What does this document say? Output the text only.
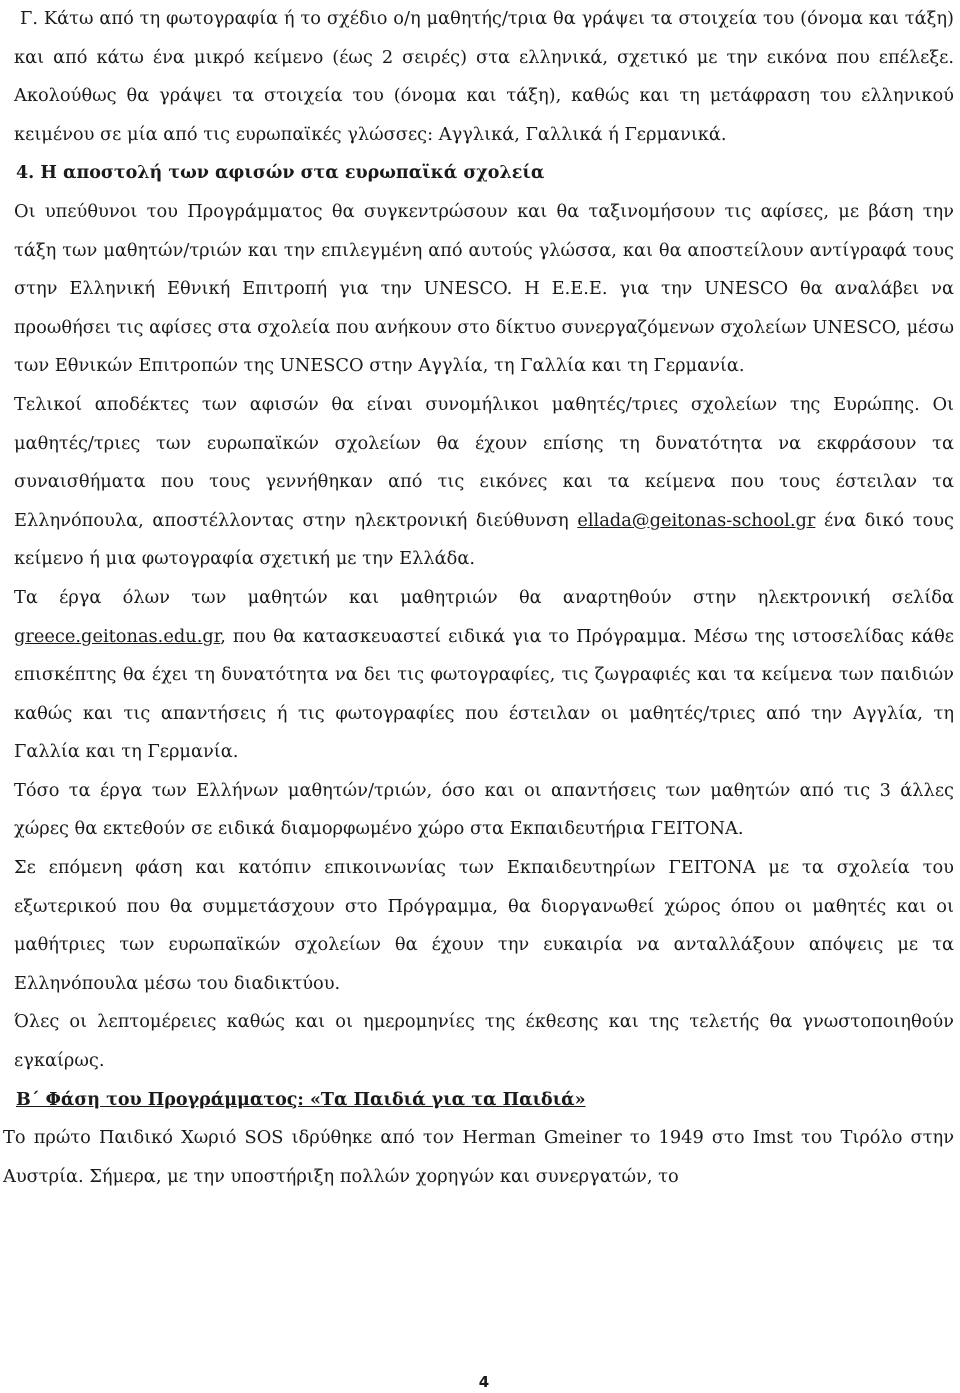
Γ. Κάτω από τη φωτογραφία ή το σχέδιο ο/η μαθητής/τρια θα γράψει τα στοιχεία του (όνομα και τάξη) και από κάτω ένα μικρό κείμενο (έως 2 σειρές) στα ελληνικά, σχετικό με την εικόνα που επέλεξε. Ακολούθως θα γράψει τα στοιχεία του (όνομα και τάξη), καθώς και τη μετάφραση του ελληνικού κειμένου σε μία από τις ευρωπαϊκές γλώσσες: Αγγλικά, Γαλλικά ή Γερμανικά.

4. Η αποστολή των αφισών στα ευρωπαϊκά σχολεία

Οι υπεύθυνοι του Προγράμματος θα συγκεντρώσουν και θα ταξινομήσουν τις αφίσες, με βάση την τάξη των μαθητών/τριών και την επιλεγμένη από αυτούς γλώσσα, και θα αποστείλουν αντίγραφά τους στην Ελληνική Εθνική Επιτροπή για την UNESCO. Η Ε.Ε.Ε. για την UNESCO θα αναλάβει να προωθήσει τις αφίσες στα σχολεία που ανήκουν στο δίκτυο συνεργαζόμενων σχολείων UNESCO, μέσω των Εθνικών Επιτροπών της UNESCO στην Αγγλία, τη Γαλλία και τη Γερμανία.

Τελικοί αποδέκτες των αφισών θα είναι συνομήλικοι μαθητές/τριες σχολείων της Ευρώπης. Οι μαθητές/τριες των ευρωπαϊκών σχολείων θα έχουν επίσης τη δυνατότητα να εκφράσουν τα συναισθήματα που τους γεννήθηκαν από τις εικόνες και τα κείμενα που τους έστειλαν τα Ελληνόπουλα, αποστέλλοντας στην ηλεκτρονική διεύθυνση ellada@geitonas-school.gr ένα δικό τους κείμενο ή μια φωτογραφία σχετική με την Ελλάδα.

Τα έργα όλων των μαθητών και μαθητριών θα αναρτηθούν στην ηλεκτρονική σελίδα greece.geitonas.edu.gr, που θα κατασκευαστεί ειδικά για το Πρόγραμμα. Μέσω της ιστοσελίδας κάθε επισκέπτης θα έχει τη δυνατότητα να δει τις φωτογραφίες, τις ζωγραφιές και τα κείμενα των παιδιών καθώς και τις απαντήσεις ή τις φωτογραφίες που έστειλαν οι μαθητές/τριες από την Αγγλία, τη Γαλλία και τη Γερμανία.

Τόσο τα έργα των Ελλήνων μαθητών/τριών, όσο και οι απαντήσεις των μαθητών από τις 3 άλλες χώρες θα εκτεθούν σε ειδικά διαμορφωμένο χώρο στα Εκπαιδευτήρια ΓΕΙΤΟΝΑ.

Σε επόμενη φάση και κατόπιν επικοινωνίας των Εκπαιδευτηρίων ΓΕΙΤΟΝΑ με τα σχολεία του εξωτερικού που θα συμμετάσχουν στο Πρόγραμμα, θα διοργανωθεί χώρος όπου οι μαθητές και οι μαθήτριες των ευρωπαϊκών σχολείων θα έχουν την ευκαιρία να ανταλλάξουν απόψεις με τα Ελληνόπουλα μέσω του διαδικτύου.

Όλες οι λεπτομέρειες καθώς και οι ημερομηνίες της έκθεσης και της τελετής θα γνωστοποιηθούν εγκαίρως.

Β΄ Φάση του Προγράμματος: «Τα Παιδιά για τα Παιδιά»

Το πρώτο Παιδικό Χωριό SOS ιδρύθηκε από τον Herman Gmeiner το 1949 στο Imst του Τιρόλο στην Αυστρία. Σήμερα, με την υποστήριξη πολλών χορηγών και συνεργατών, το

4
